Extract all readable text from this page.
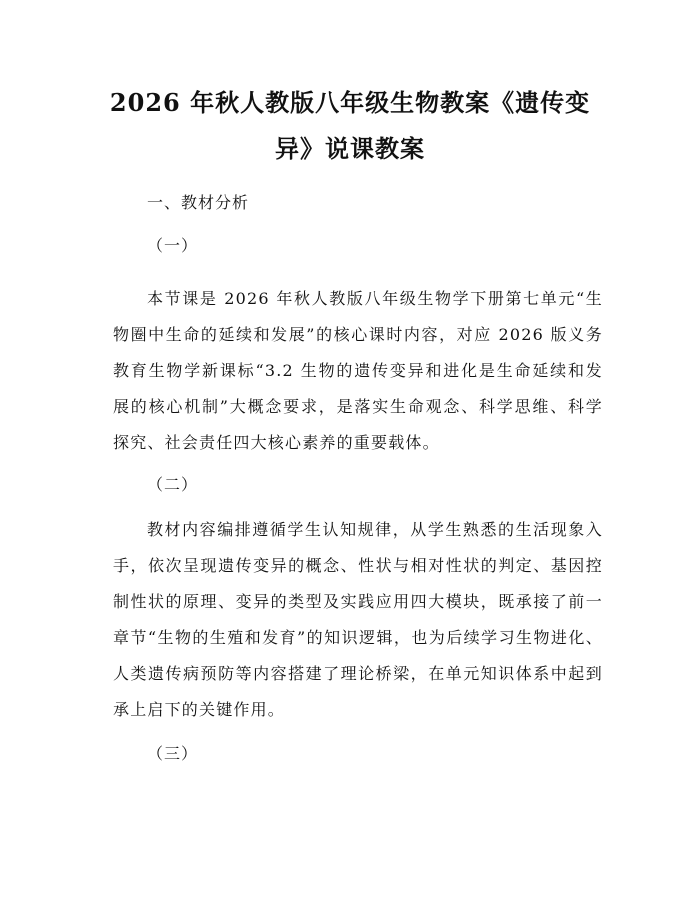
2026 年秋人教版八年级生物教案《遗传变
异》说课教案
一、教材分析
（一）
本节课是 2026 年秋人教版八年级生物学下册第七单元“生物圈中生命的延续和发展”的核心课时内容，对应 2026 版义务教育生物学新课标“3.2 生物的遗传变异和进化是生命延续和发展的核心机制”大概念要求，是落实生命观念、科学思维、科学探究、社会责任四大核心素养的重要载体。
（二）
教材内容编排遵循学生认知规律，从学生熟悉的生活现象入手，依次呈现遗传变异的概念、性状与相对性状的判定、基因控制性状的原理、变异的类型及实践应用四大模块，既承接了前一章节“生物的生殖和发育”的知识逻辑，也为后续学习生物进化、人类遗传病预防等内容搭建了理论桥梁，在单元知识体系中起到承上启下的关键作用。
（三）
